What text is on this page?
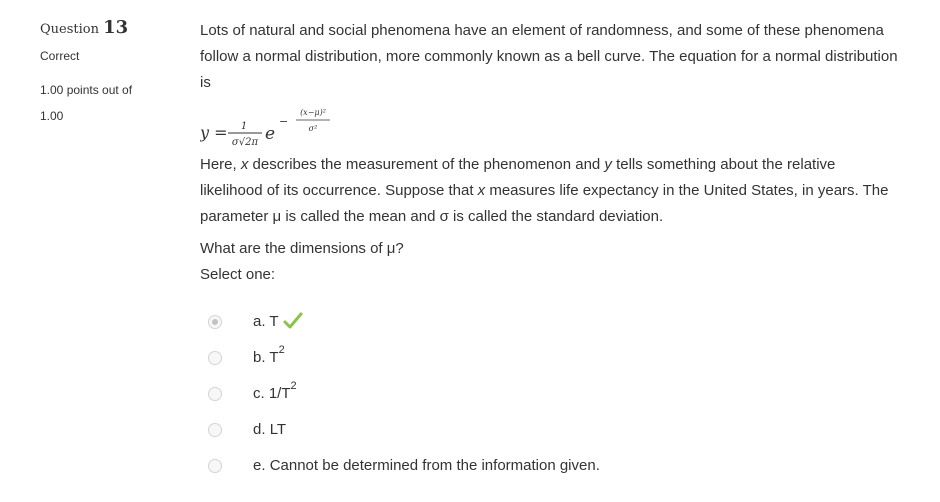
Question 13
Correct
1.00 points out of
1.00

Lots of natural and social phenomena have an element of randomness, and some of these phenomena follow a normal distribution, more commonly known as a bell curve. The equation for a normal distribution is

y = 1
σ√2π e
−
(x−μ)²
σ²

Here, x describes the measurement of the phenomenon and y tells something about the relative likelihood of its occurrence. Suppose that x measures life expectancy in the United States, in years. The parameter μ is called the mean and σ is called the standard deviation.

What are the dimensions of μ?

Select one:

a. T
b. $T^2$
c. $1/T^2$
d. LT
e. Cannot be determined from the information given.
